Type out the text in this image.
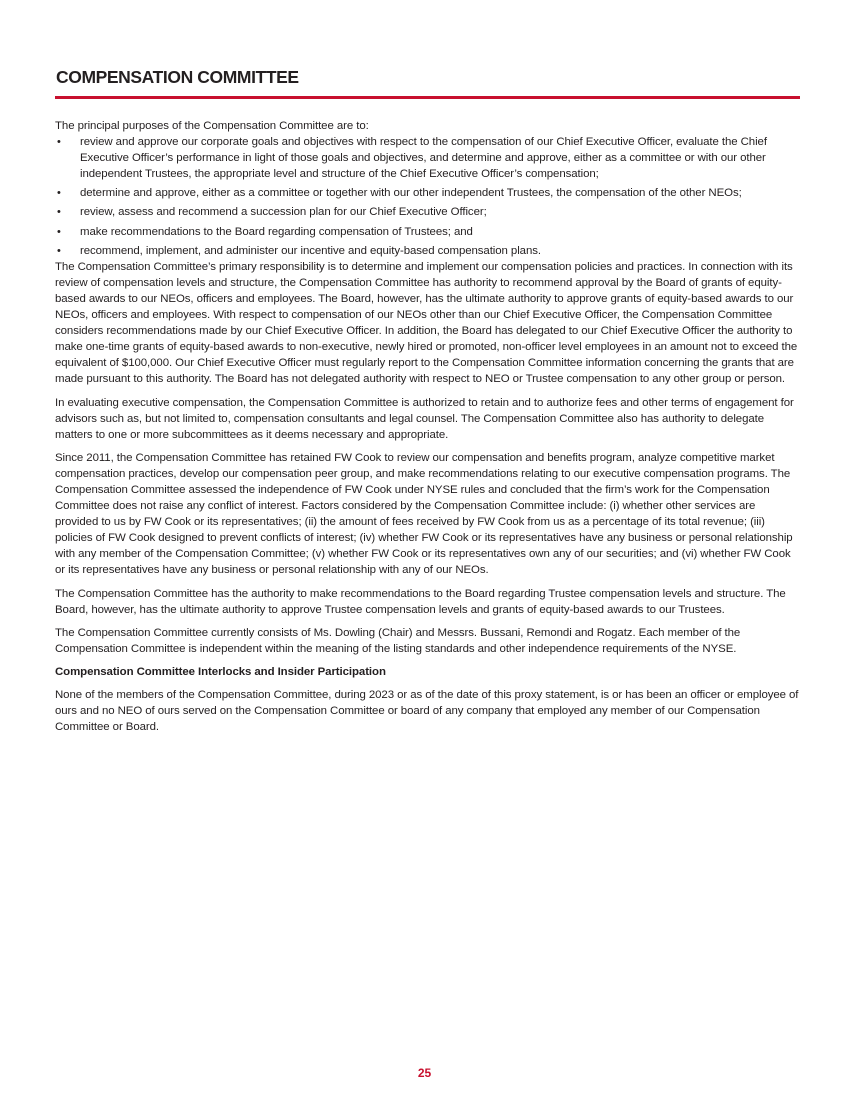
COMPENSATION COMMITTEE

The principal purposes of the Compensation Committee are to:

• review and approve our corporate goals and objectives with respect to the compensation of our Chief Executive Officer, evaluate the Chief Executive Officer’s performance in light of those goals and objectives, and determine and approve, either as a committee or with our other independent Trustees, the appropriate level and structure of the Chief Executive Officer’s compensation;
• determine and approve, either as a committee or together with our other independent Trustees, the compensation of the other NEOs;
• review, assess and recommend a succession plan for our Chief Executive Officer;
• make recommendations to the Board regarding compensation of Trustees; and
• recommend, implement, and administer our incentive and equity-based compensation plans.

The Compensation Committee’s primary responsibility is to determine and implement our compensation policies and practices. In connection with its review of compensation levels and structure, the Compensation Committee has authority to recommend approval by the Board of grants of equity-based awards to our NEOs, officers and employees. The Board, however, has the ultimate authority to approve grants of equity-based awards to our NEOs, officers and employees. With respect to compensation of our NEOs other than our Chief Executive Officer, the Compensation Committee considers recommendations made by our Chief Executive Officer. In addition, the Board has delegated to our Chief Executive Officer the authority to make one-time grants of equity-based awards to non-executive, newly hired or promoted, non-officer level employees in an amount not to exceed the equivalent of $100,000. Our Chief Executive Officer must regularly report to the Compensation Committee information concerning the grants that are made pursuant to this authority. The Board has not delegated authority with respect to NEO or Trustee compensation to any other group or person.

In evaluating executive compensation, the Compensation Committee is authorized to retain and to authorize fees and other terms of engagement for advisors such as, but not limited to, compensation consultants and legal counsel. The Compensation Committee also has authority to delegate matters to one or more subcommittees as it deems necessary and appropriate.

Since 2011, the Compensation Committee has retained FW Cook to review our compensation and benefits program, analyze competitive market compensation practices, develop our compensation peer group, and make recommendations relating to our executive compensation programs. The Compensation Committee assessed the independence of FW Cook under NYSE rules and concluded that the firm’s work for the Compensation Committee does not raise any conflict of interest. Factors considered by the Compensation Committee include: (i) whether other services are provided to us by FW Cook or its representatives; (ii) the amount of fees received by FW Cook from us as a percentage of its total revenue; (iii) policies of FW Cook designed to prevent conflicts of interest; (iv) whether FW Cook or its representatives have any business or personal relationship with any member of the Compensation Committee; (v) whether FW Cook or its representatives own any of our securities; and (vi) whether FW Cook or its representatives have any business or personal relationship with any of our NEOs.

The Compensation Committee has the authority to make recommendations to the Board regarding Trustee compensation levels and structure. The Board, however, has the ultimate authority to approve Trustee compensation levels and grants of equity-based awards to our Trustees.

The Compensation Committee currently consists of Ms. Dowling (Chair) and Messrs. Bussani, Remondi and Rogatz. Each member of the Compensation Committee is independent within the meaning of the listing standards and other independence requirements of the NYSE.

Compensation Committee Interlocks and Insider Participation

None of the members of the Compensation Committee, during 2023 or as of the date of this proxy statement, is or has been an officer or employee of ours and no NEO of ours served on the Compensation Committee or board of any company that employed any member of our Compensation Committee or Board.

25
